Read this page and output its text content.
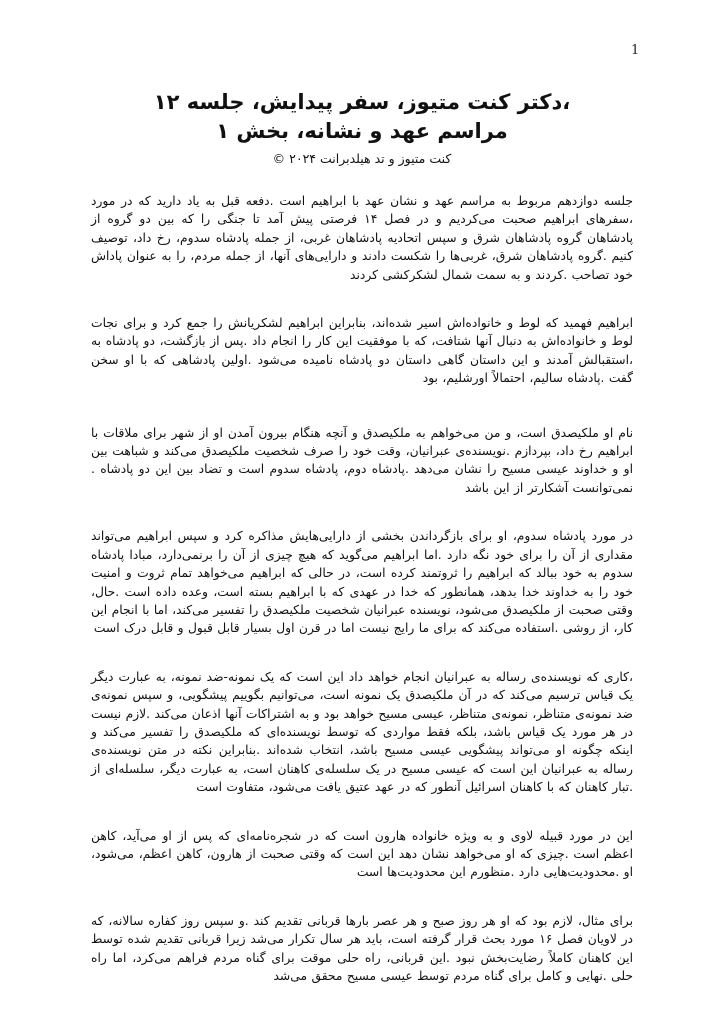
1
،دکتر کنت متیوز، سفر پیدایش، جلسه ۱۲
مراسم عهد و نشانه، بخش ۱
کنت متیوز و تد هیلدبرانت ۲۰۲۴ ©

جلسه دوازدهم مربوط به مراسم عهد و نشان عهد با ابراهیم است .دفعه قبل به یاد دارید که در مورد ،سفرهای ابراهیم صحبت می‌کردیم و در فصل ۱۴ فرصتی پیش آمد تا جنگی را که بین دو گروه از پادشاهان گروه پادشاهان شرق و سپس اتحادیه پادشاهان غربی، از جمله پادشاه سدوم، رخ داد، توصیف کنیم .گروه پادشاهان شرق، غربی‌ها را شکست دادند و دارایی‌های آنها، از جمله مردم، را به عنوان پاداش خود تصاحب .کردند و به سمت شمال لشکرکشی کردند

ابراهیم فهمید که لوط و خانواده‌اش اسیر شده‌اند، بنابراین ابراهیم لشکریانش را جمع کرد و برای نجات لوط و خانواده‌اش به دنبال آنها شتافت، که با موفقیت این کار را انجام داد .پس از بازگشت، دو پادشاه به ،استقبالش آمدند و این داستان گاهی داستان دو پادشاه نامیده می‌شود .اولین پادشاهی که با او سخن گفت .پادشاه سالیم، احتمالاً اورشلیم، بود

نام او ملکیصدق است، و من می‌خواهم به ملکیصدق و آنچه هنگام بیرون آمدن او از شهر برای ملاقات با ابراهیم رخ داد، بپردازم .نویسنده‌ی عبرانیان، وقت خود را صرف شخصیت ملکیصدق می‌کند و شباهت بین او و خداوند عیسی مسیح را نشان می‌دهد .پادشاه دوم، پادشاه سدوم است و تضاد بین این دو پادشاه . نمی‌توانست آشکارتر از این باشد

در مورد پادشاه سدوم، او برای بازگرداندن بخشی از دارایی‌هایش مذاکره کرد و سپس ابراهیم می‌تواند مقداری از آن را برای خود نگه دارد .اما ابراهیم می‌گوید که هیچ چیزی از آن را برنمی‌دارد، مبادا پادشاه سدوم به خود ببالد که ابراهیم را ثروتمند کرده است، در حالی که ابراهیم می‌خواهد تمام ثروت و امنیت خود را به خداوند خدا بدهد، همانطور که خدا در عهدی که با ابراهیم بسته است، وعده داده است .حال، وقتی صحبت از ملکیصدق می‌شود، نویسنده عبرانیان شخصیت ملکیصدق را تفسیر می‌کند، اما با انجام این کار، از روشی .استفاده می‌کند که برای ما رایج نیست اما در قرن اول بسیار قابل قبول و قابل درک است

،کاری که نویسنده‌ی رساله به عبرانیان انجام خواهد داد این است که یک نمونه-ضد نمونه، به عبارت دیگر یک قیاس ترسیم می‌کند که در آن ملکیصدق یک نمونه است، می‌توانیم بگوییم پیشگویی، و سپس نمونه‌ی ضد نمونه‌ی متناظر، نمونه‌ی متناظر، عیسی مسیح خواهد بود و به اشتراکات آنها اذعان می‌کند .لازم نیست در هر مورد یک قیاس باشد، بلکه فقط مواردی که توسط نویسنده‌ای که ملکیصدق را تفسیر می‌کند و اینکه چگونه او می‌تواند پیشگویی عیسی مسیح باشد، انتخاب شده‌اند .بنابراین نکته در متن نویسنده‌ی رساله به عبرانیان این است که عیسی مسیح در یک سلسله‌ی کاهنان است، به عبارت دیگر، سلسله‌ای از .تبار کاهنان که با کاهنان اسرائیل آنطور که در عهد عتیق یافت می‌شود، متفاوت است

این در مورد قبیله لاوی و به ویژه خانواده هارون است که در شجره‌نامه‌ای که پس از او می‌آید، کاهن اعظم است .چیزی که او می‌خواهد نشان دهد این است که وقتی صحبت از هارون، کاهن اعظم، می‌شود، او .محدودیت‌هایی دارد .منظورم این محدودیت‌ها است

برای مثال، لازم بود که او هر روز صبح و هر عصر بارها قربانی تقدیم کند .و سپس روز کفاره سالانه، که در لاویان فصل ۱۶ مورد بحث قرار گرفته است، باید هر سال تکرار می‌شد زیرا قربانی تقدیم شده توسط این کاهنان کاملاً رضایت‌بخش نبود .این قربانی، راه حلی موقت برای گناه مردم فراهم می‌کرد، اما راه حلی .نهایی و کامل برای گناه مردم توسط عیسی مسیح محقق می‌شد
